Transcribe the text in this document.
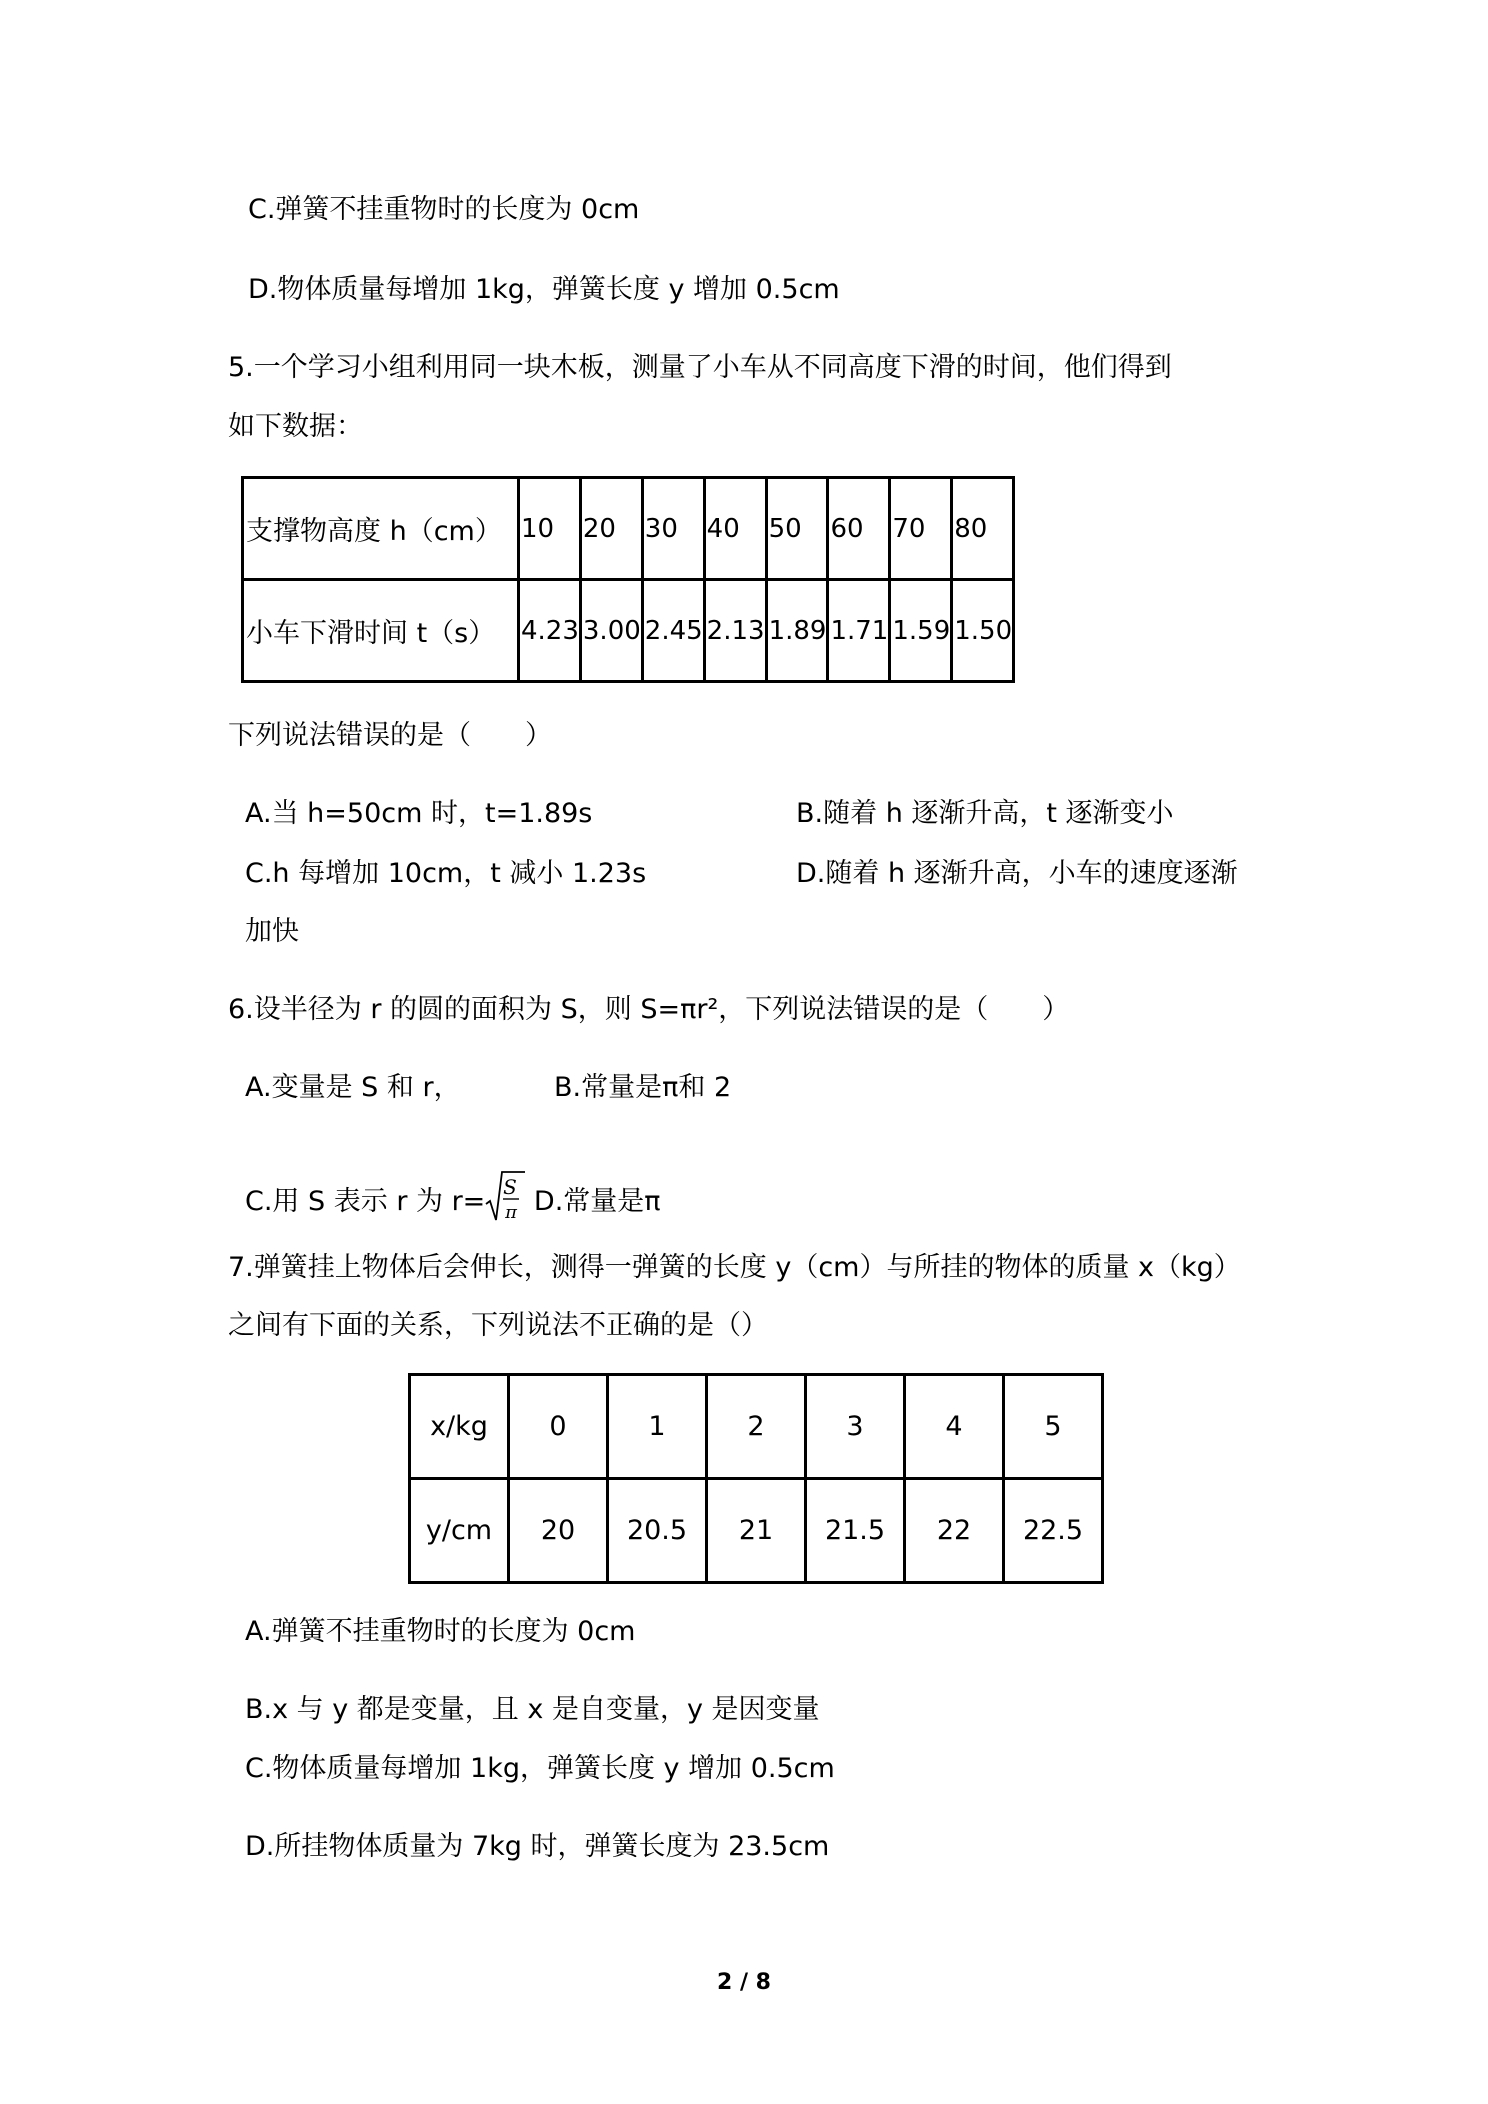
C.弹簧不挂重物时的长度为 0cm
D.物体质量每增加 1kg，弹簧长度 y 增加 0.5cm
5.一个学习小组利用同一块木板，测量了小车从不同高度下滑的时间，他们得到
如下数据：
支撑物高度 h（cm）	10	20	30	40	50	60	70	80
小车下滑时间 t（s）	4.23	3.00	2.45	2.13	1.89	1.71	1.59	1.50
下列说法错误的是（　　）
A.当 h=50cm 时，t=1.89s	B.随着 h 逐渐升高，t 逐渐变小
C.h 每增加 10cm，t 减小 1.23s	D.随着 h 逐渐升高，小车的速度逐渐
加快
6.设半径为 r 的圆的面积为 S，则 S=πr²，下列说法错误的是（　　）
A.变量是 S 和 r，	B.常量是π和 2
C.用 S 表示 r 为 r= S
π D.常量是π
7.弹簧挂上物体后会伸长，测得一弹簧的长度 y（cm）与所挂的物体的质量 x（kg）
之间有下面的关系，下列说法不正确的是（）
x/kg	0	1	2	3	4	5
y/cm	20	20.5	21	21.5	22	22.5
A.弹簧不挂重物时的长度为 0cm
B.x 与 y 都是变量，且 x 是自变量，y 是因变量
C.物体质量每增加 1kg，弹簧长度 y 增加 0.5cm
D.所挂物体质量为 7kg 时，弹簧长度为 23.5cm
2 / 8
